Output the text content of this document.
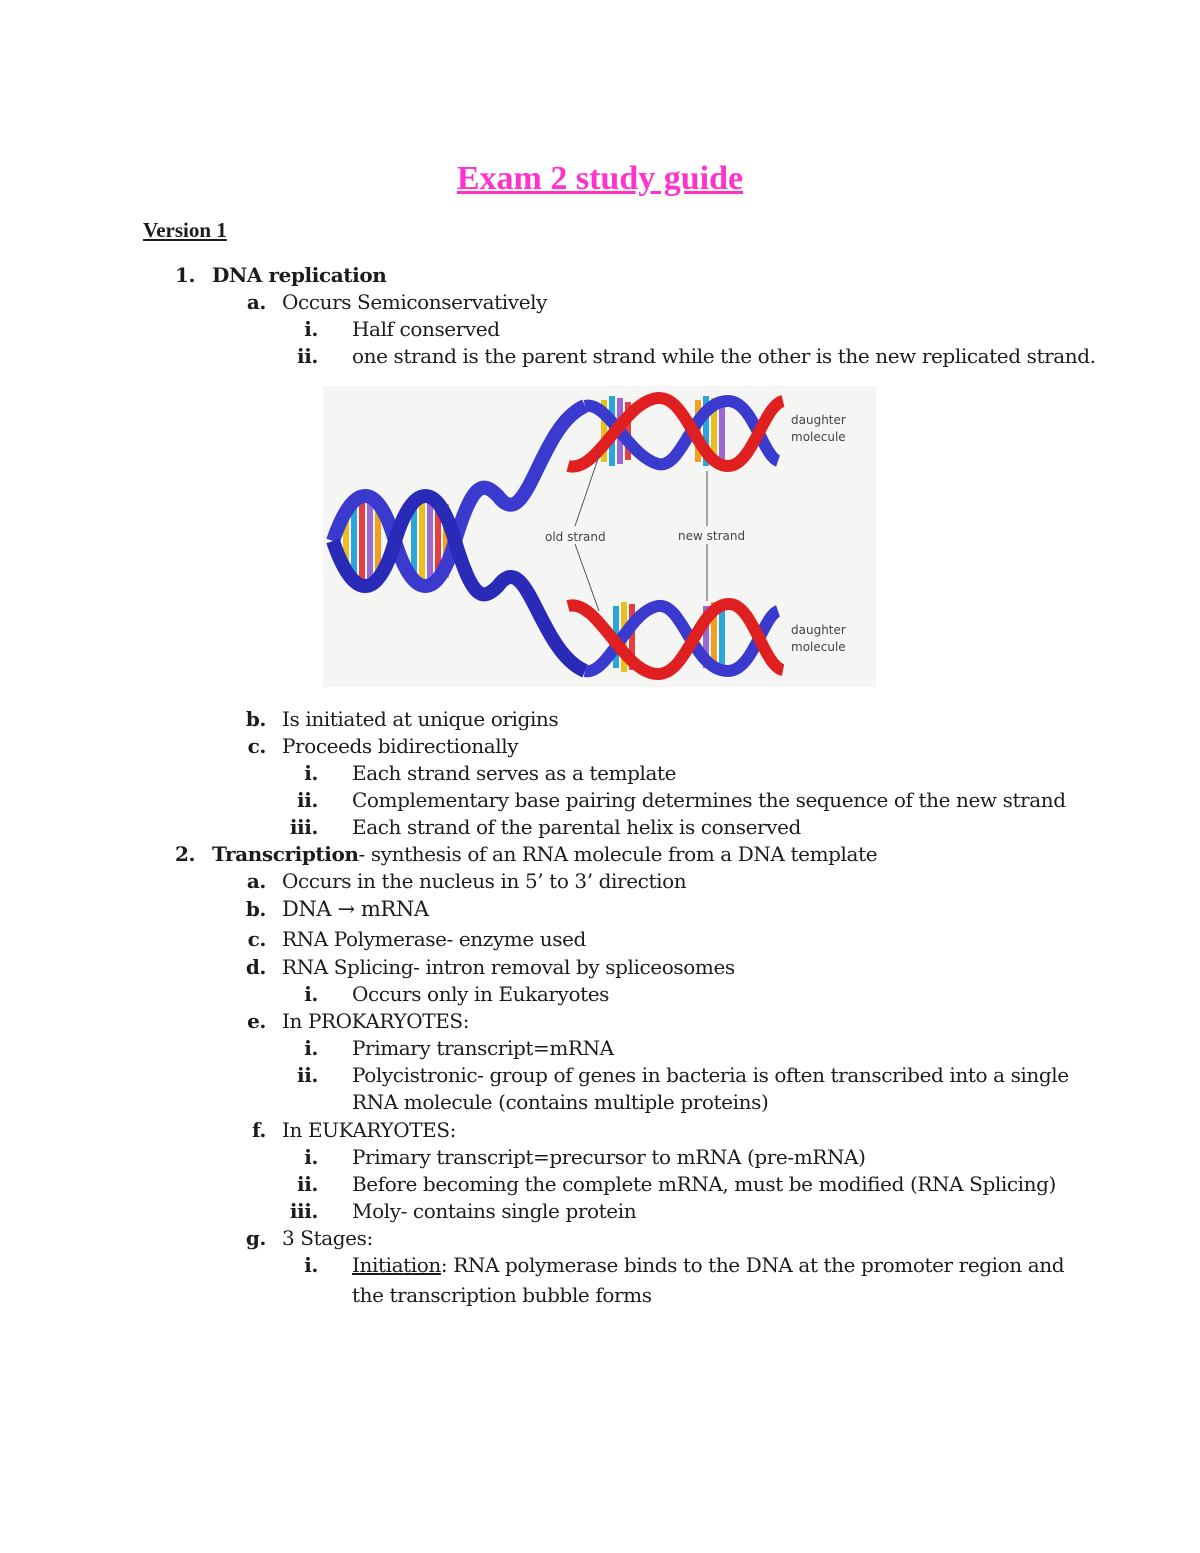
Exam 2 study guide
Version 1
1. DNA replication
a. Occurs Semiconservatively
i. Half conserved
ii. one strand is the parent strand while the other is the new replicated strand.
daughter
molecule
old strand	new strand
daughter
molecule
b. Is initiated at unique origins
c. Proceeds bidirectionally
i. Each strand serves as a template
ii. Complementary base pairing determines the sequence of the new strand
iii. Each strand of the parental helix is conserved
2. Transcription- synthesis of an RNA molecule from a DNA template
a. Occurs in the nucleus in 5’ to 3’ direction
b. DNA → mRNA
c. RNA Polymerase- enzyme used
d. RNA Splicing- intron removal by spliceosomes
i. Occurs only in Eukaryotes
e. In PROKARYOTES:
i. Primary transcript=mRNA
ii. Polycistronic- group of genes in bacteria is often transcribed into a single
RNA molecule (contains multiple proteins)
f. In EUKARYOTES:
i. Primary transcript=precursor to mRNA (pre-mRNA)
ii. Before becoming the complete mRNA, must be modified (RNA Splicing)
iii. Moly- contains single protein
g. 3 Stages:
i. Initiation: RNA polymerase binds to the DNA at the promoter region and
the transcription bubble forms
